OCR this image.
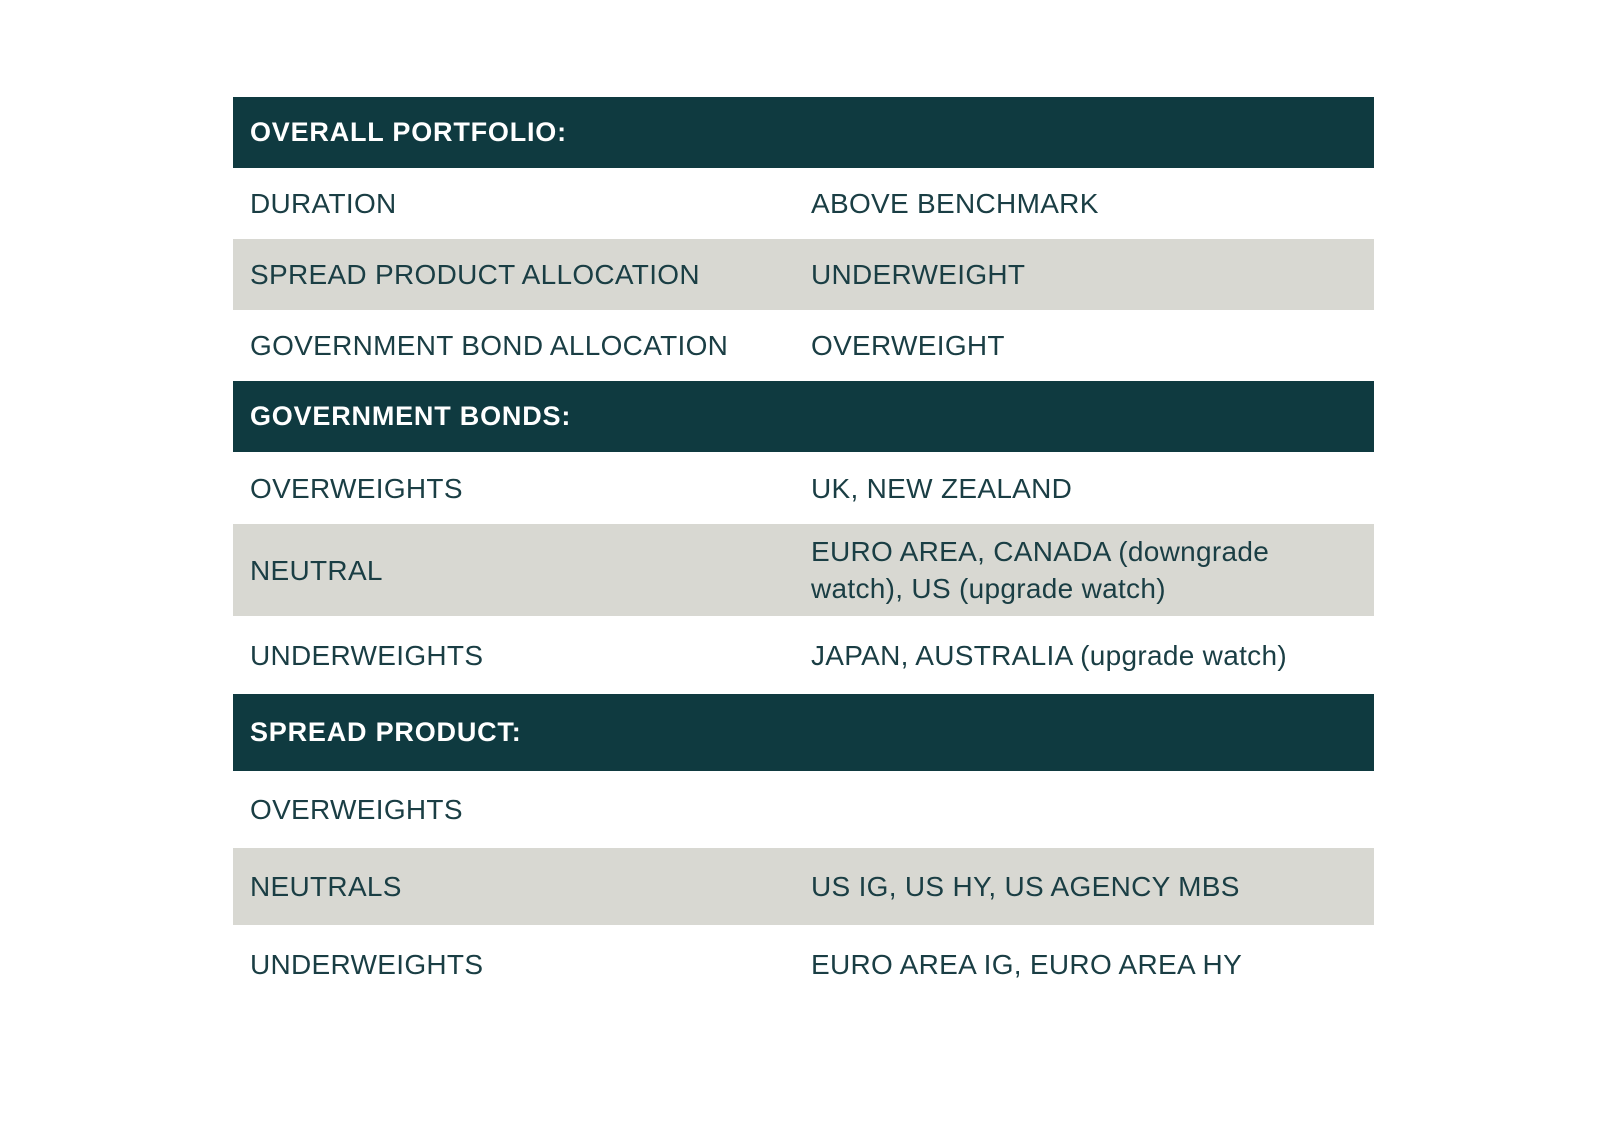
OVERALL PORTFOLIO:	
DURATION	ABOVE BENCHMARK
SPREAD PRODUCT ALLOCATION	UNDERWEIGHT
GOVERNMENT BOND ALLOCATION	OVERWEIGHT
GOVERNMENT BONDS:	
OVERWEIGHTS	UK, NEW ZEALAND
NEUTRAL	EURO AREA, CANADA (downgrade watch), US (upgrade watch)
UNDERWEIGHTS	JAPAN, AUSTRALIA (upgrade watch)
SPREAD PRODUCT:	
OVERWEIGHTS	
NEUTRALS	US IG, US HY, US AGENCY MBS
UNDERWEIGHTS	EURO AREA IG, EURO AREA HY
